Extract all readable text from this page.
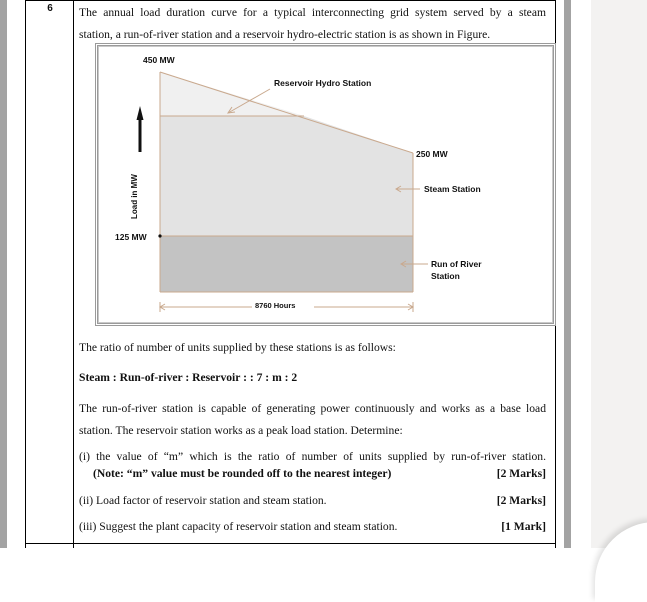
6	The annual load duration curve for a typical interconnecting grid system served by a steam
station, a run-of-river station and a reservoir hydro-electric station is as shown in Figure.
450 MW
Reservoir Hydro Station
250 MW
Steam Station
125 MW
Run of River
Station
8760 Hours
Load in MW
The ratio of number of units supplied by these stations is as follows:
Steam : Run-of-river : Reservoir : : 7 : m : 2
The run-of-river station is capable of generating power continuously and works as a base load
station. The reservoir station works as a peak load station. Determine:
(i) the value of “m” which is the ratio of number of units supplied by run-of-river station.
(Note: “m” value must be rounded off to the nearest integer)	[2 Marks]
(ii) Load factor of reservoir station and steam station.	[2 Marks]
(iii) Suggest the plant capacity of reservoir station and steam station.	[1 Mark]
